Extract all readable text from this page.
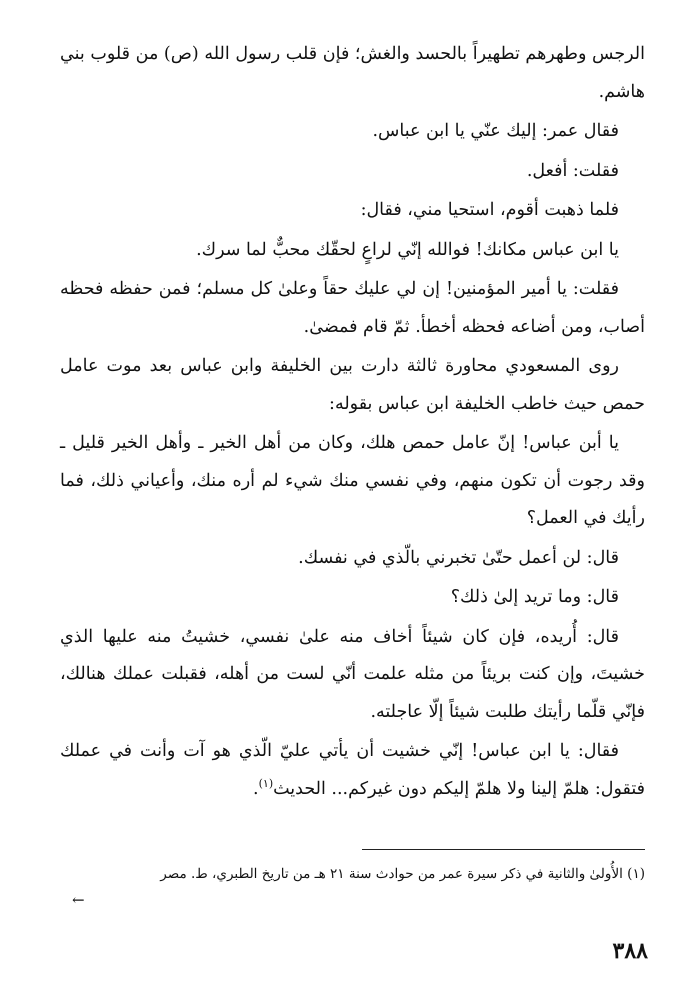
الرجس وطهرهم تطهيراً بالحسد والغش؛ فإن قلب رسول الله (ص) من قلوب بني هاشم.

فقال عمر: إليك عنّي يا ابن عباس.

فقلت: أفعل.

فلما ذهبت أقوم، استحيا مني، فقال:

يا ابن عباس مكانك! فوالله إنّي لراعٍ لحقّك محبٌّ لما سرك.

فقلت: يا أمير المؤمنين! إن لي عليك حقاً وعلىٰ كل مسلم؛ فمن حفظه فحظه أصاب، ومن أضاعه فحظه أخطأ. ثمّ قام فمضىٰ.

روى المسعودي محاورة ثالثة دارت بين الخليفة وابن عباس بعد موت عامل حمص حيث خاطب الخليفة ابن عباس بقوله:

يا أبن عباس! إنّ عامل حمص هلك، وكان من أهل الخير ـ وأهل الخير قليل ـ وقد رجوت أن تكون منهم، وفي نفسي منك شيء لم أره منك، وأعياني ذلك، فما رأيك في العمل؟

قال: لن أعمل حتّىٰ تخبرني بالّذي في نفسك.

قال: وما تريد إلىٰ ذلك؟

قال: أُريده، فإن كان شيئاً أخاف منه علىٰ نفسي، خشيتُ منه عليها الذي خشيتَ، وإن كنت بريئاً من مثله علمت أنّي لست من أهله، فقبلت عملك هنالك، فإنّي قلّما رأيتك طلبت شيئاً إلّا عاجلته.

فقال: يا ابن عباس! إنّي خشيت أن يأتي عليّ الّذي هو آت وأنت في عملك فتقول: هلمّ إلينا ولا هلمّ إليكم دون غيركم... الحديث$^{(١)}$.

(١) الأُولىٰ والثانية في ذكر سيرة عمر من حوادث سنة ٢١ هـ من تاريخ الطبري، ط. مصر
←
٣٨٨
